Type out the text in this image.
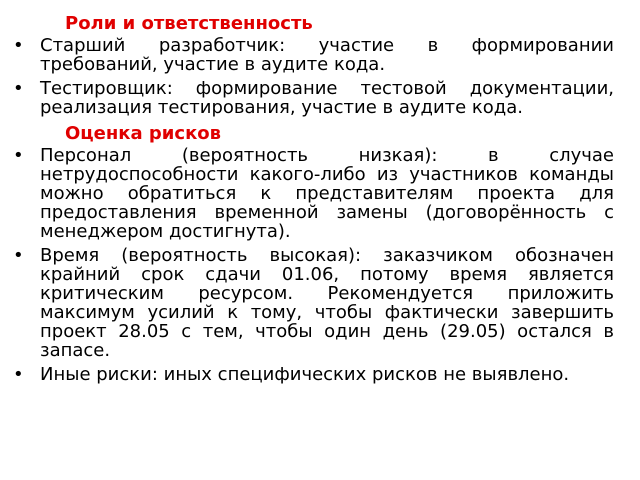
Роли и ответственность
• Старший разработчик: участие в формировании требований, участие в аудите кода.
• Тестировщик: формирование тестовой документации, реализация тестирования, участие в аудите кода.
Оценка рисков
• Персонал (вероятность низкая): в случае нетрудоспособности какого-либо из участников команды можно обратиться к представителям проекта для предоставления временной замены (договорённость с менеджером достигнута).
• Время (вероятность высокая): заказчиком обозначен крайний срок сдачи 01.06, потому время является критическим ресурсом. Рекомендуется приложить максимум усилий к тому, чтобы фактически завершить проект 28.05 с тем, чтобы один день (29.05) остался в запасе.
• Иные риски: иных специфических рисков не выявлено.
